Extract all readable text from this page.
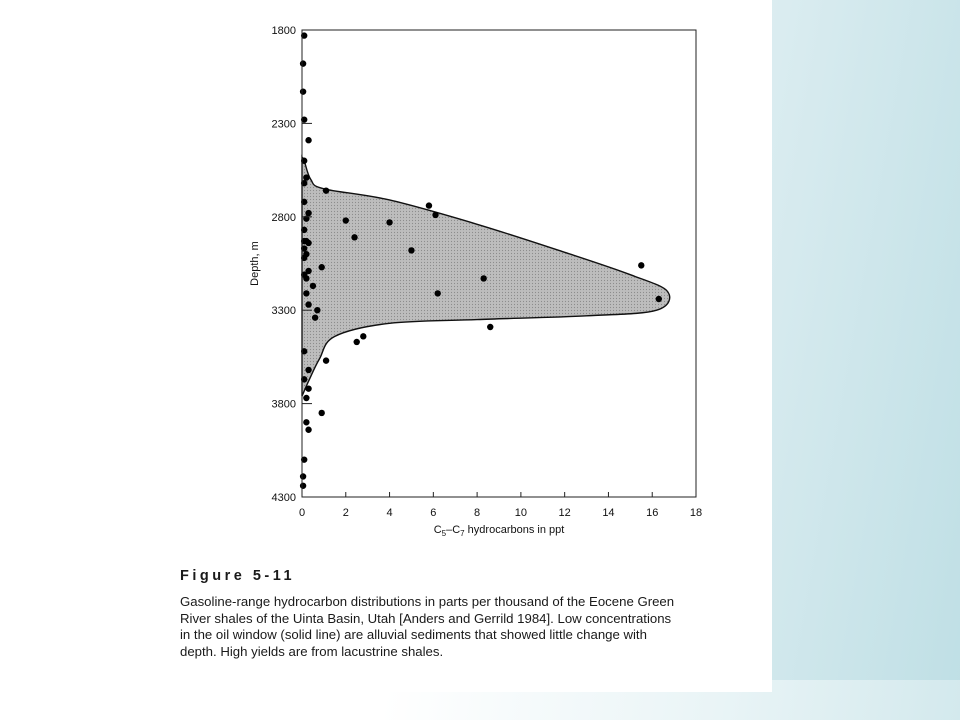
0	2	4	6	8	10	12	14	16	18
1800
2300
2800
3300
3800
4300
$C_5-C_7$ hydrocarbons in ppt
Depth, m
Figure 5-11
Gasoline-range hydrocarbon distributions in parts per thousand of the Eocene Green
River shales of the Uinta Basin, Utah [Anders and Gerrild 1984]. Low concentrations
in the oil window (solid line) are alluvial sediments that showed little change with
depth. High yields are from lacustrine shales.
